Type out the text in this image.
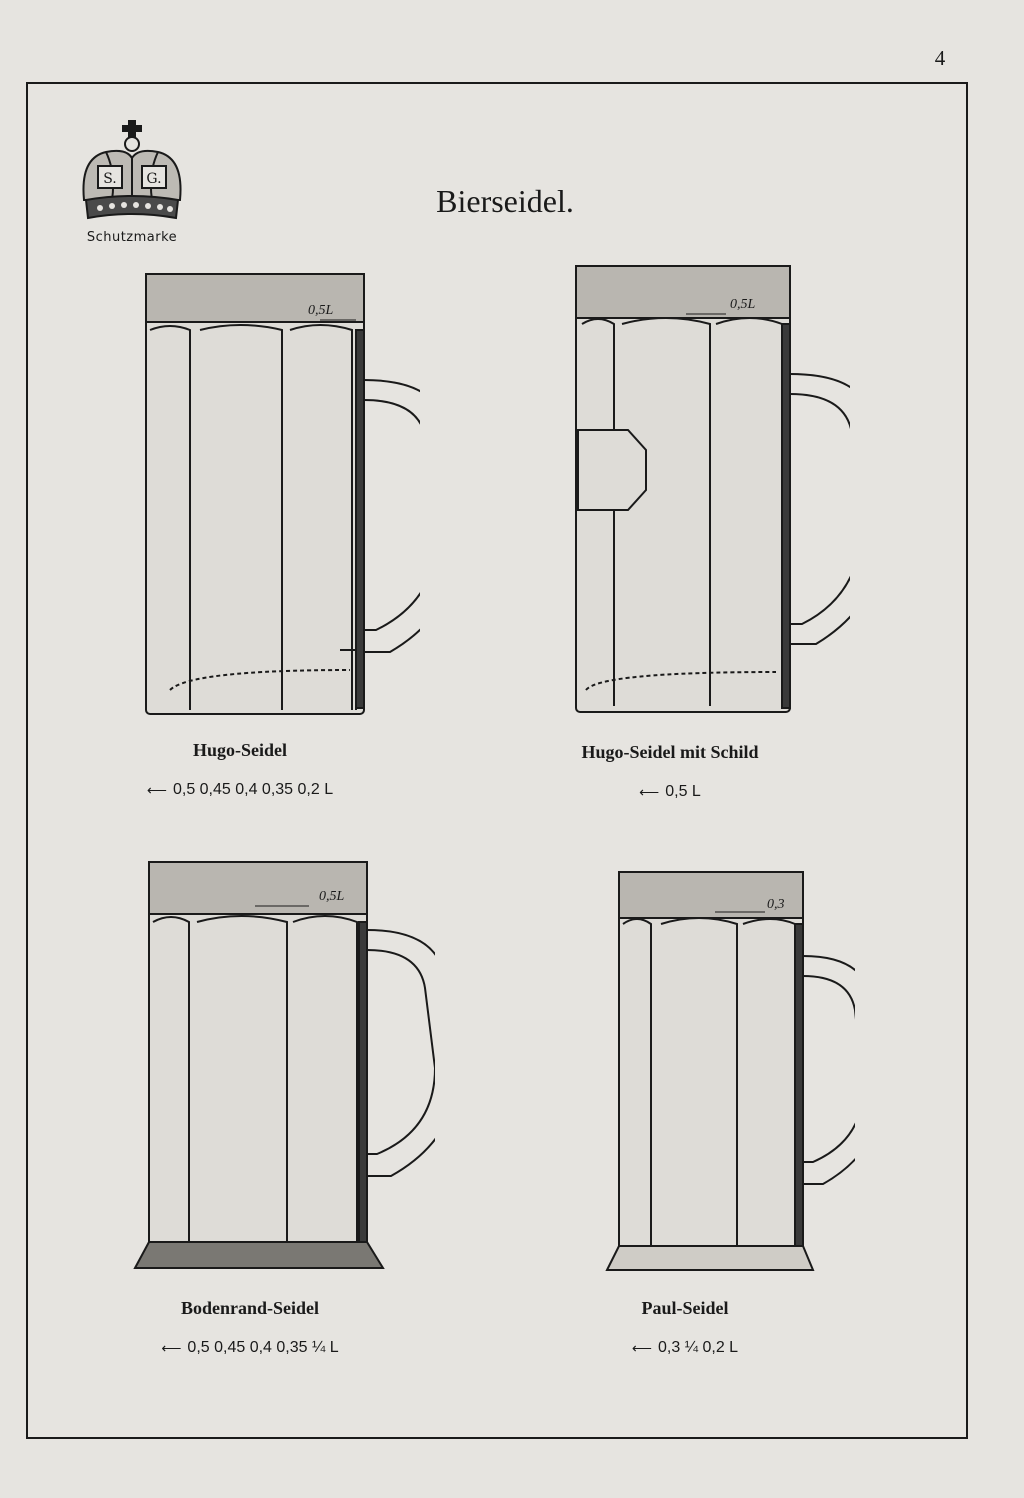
4
S. G.
Schutzmarke
Bierseidel.
0,5L
Hugo-Seidel
⟵ 0,5 0,45 0,4 0,35 0,2 L
0,5L
Hugo-Seidel mit Schild
⟵ 0,5 L
0,5L
Bodenrand-Seidel
⟵ 0,5 0,45 0,4 0,35 ¼ L
0,3
Paul-Seidel
⟵ 0,3 ¼ 0,2 L
